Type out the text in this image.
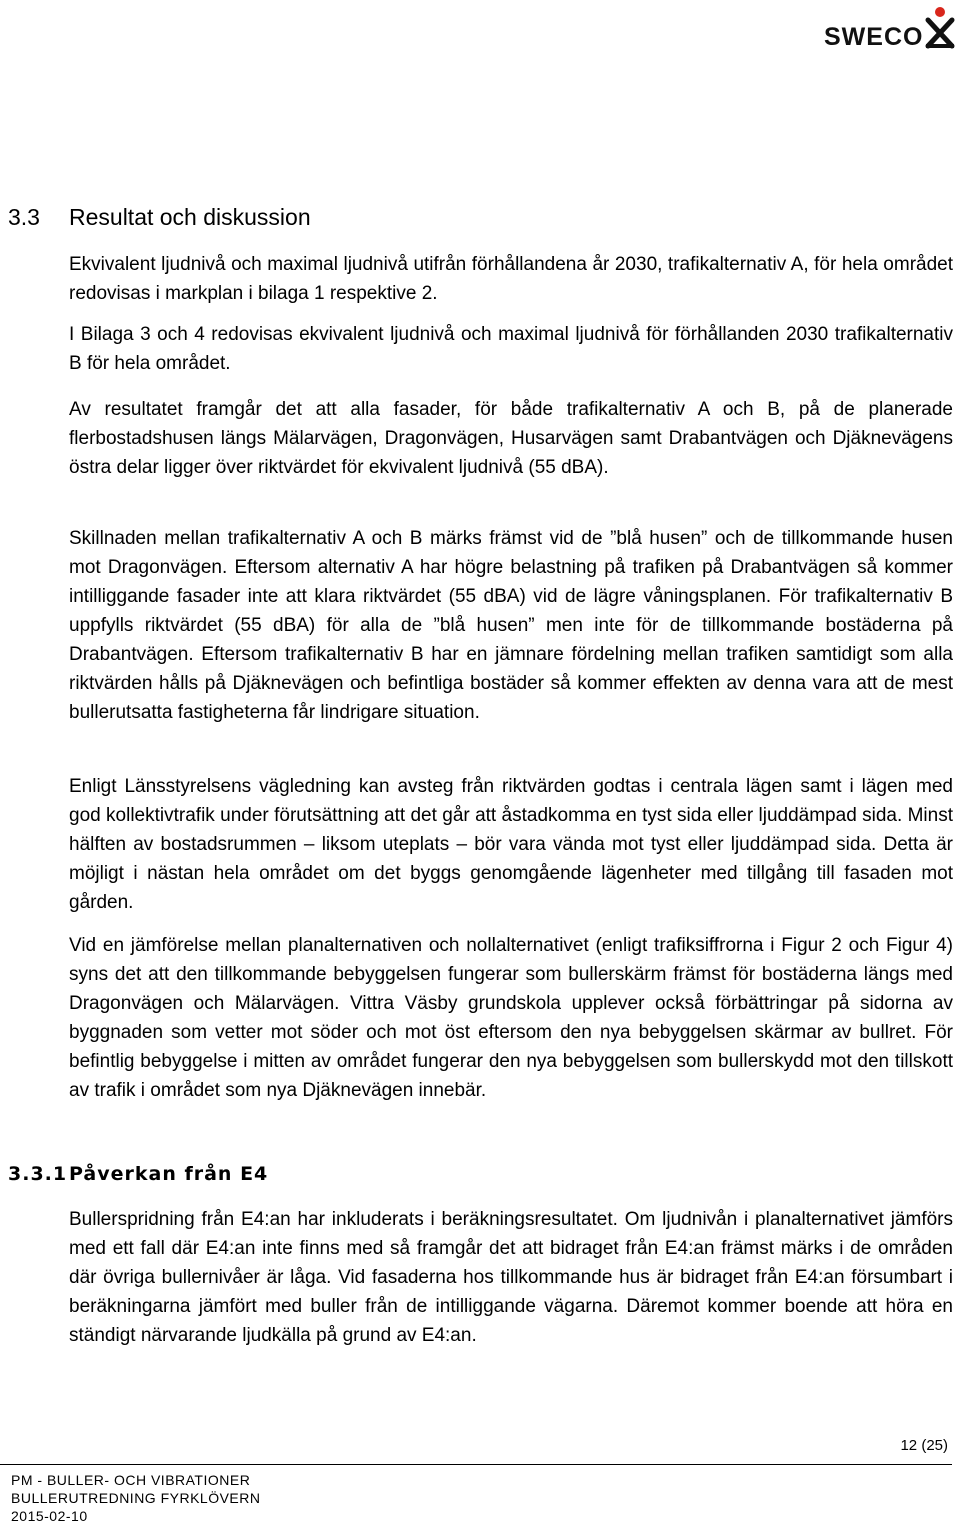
SWECO
3.3 Resultat och diskussion

Ekvivalent ljudnivå och maximal ljudnivå utifrån förhållandena år 2030, trafikalternativ A, för hela området redovisas i markplan i bilaga 1 respektive 2.

I Bilaga 3 och 4 redovisas ekvivalent ljudnivå och maximal ljudnivå för förhållanden 2030 trafikalternativ B för hela området.

Av resultatet framgår det att alla fasader, för både trafikalternativ A och B, på de planerade flerbostadshusen längs Mälarvägen, Dragonvägen, Husarvägen samt Drabantvägen och Djäknevägens östra delar ligger över riktvärdet för ekvivalent ljudnivå (55 dBA).

Skillnaden mellan trafikalternativ A och B märks främst vid de ”blå husen” och de tillkommande husen mot Dragonvägen. Eftersom alternativ A har högre belastning på trafiken på Drabantvägen så kommer intilliggande fasader inte att klara riktvärdet (55 dBA) vid de lägre våningsplanen. För trafikalternativ B uppfylls riktvärdet (55 dBA) för alla de ”blå husen” men inte för de tillkommande bostäderna på Drabantvägen. Eftersom trafikalternativ B har en jämnare fördelning mellan trafiken samtidigt som alla riktvärden hålls på Djäknevägen och befintliga bostäder så kommer effekten av denna vara att de mest bullerutsatta fastigheterna får lindrigare situation.

Enligt Länsstyrelsens vägledning kan avsteg från riktvärden godtas i centrala lägen samt i lägen med god kollektivtrafik under förutsättning att det går att åstadkomma en tyst sida eller ljuddämpad sida. Minst hälften av bostadsrummen – liksom uteplats – bör vara vända mot tyst eller ljuddämpad sida. Detta är möjligt i nästan hela området om det byggs genomgående lägenheter med tillgång till fasaden mot gården.

Vid en jämförelse mellan planalternativen och nollalternativet (enligt trafiksiffrorna i Figur 2 och Figur 4) syns det att den tillkommande bebyggelsen fungerar som bullerskärm främst för bostäderna längs med Dragonvägen och Mälarvägen. Vittra Väsby grundskola upplever också förbättringar på sidorna av byggnaden som vetter mot söder och mot öst eftersom den nya bebyggelsen skärmar av bullret. För befintlig bebyggelse i mitten av området fungerar den nya bebyggelsen som bullerskydd mot den tillskott av trafik i området som nya Djäknevägen innebär.

3.3.1 Påverkan från E4

Bullerspridning från E4:an har inkluderats i beräkningsresultatet. Om ljudnivån i planalternativet jämförs med ett fall där E4:an inte finns med så framgår det att bidraget från E4:an främst märks i de områden där övriga bullernivåer är låga. Vid fasaderna hos tillkommande hus är bidraget från E4:an försumbart i beräkningarna jämfört med buller från de intilliggande vägarna. Däremot kommer boende att höra en ständigt närvarande ljudkälla på grund av E4:an.

12 (25)
PM - BULLER- OCH VIBRATIONER
BULLERUTREDNING FYRKLÖVERN
2015-02-10
